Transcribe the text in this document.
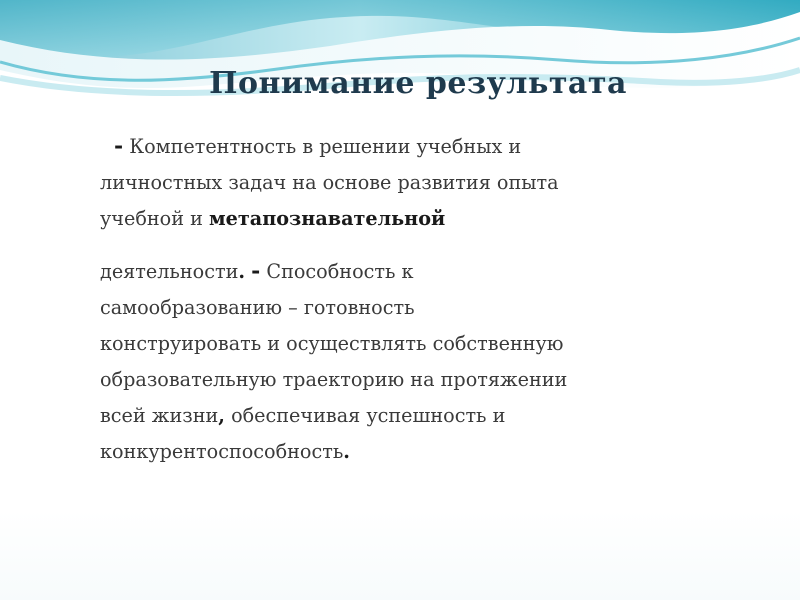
Понимание результата
- Компетентность в решении учебных и
личностных задач на основе развития опыта
учебной и метапознавательной
деятельности. - Способность к
самообразованию – готовность
конструировать и осуществлять собственную
образовательную траекторию на протяжении
всей жизни, обеспечивая успешность и
конкурентоспособность.
